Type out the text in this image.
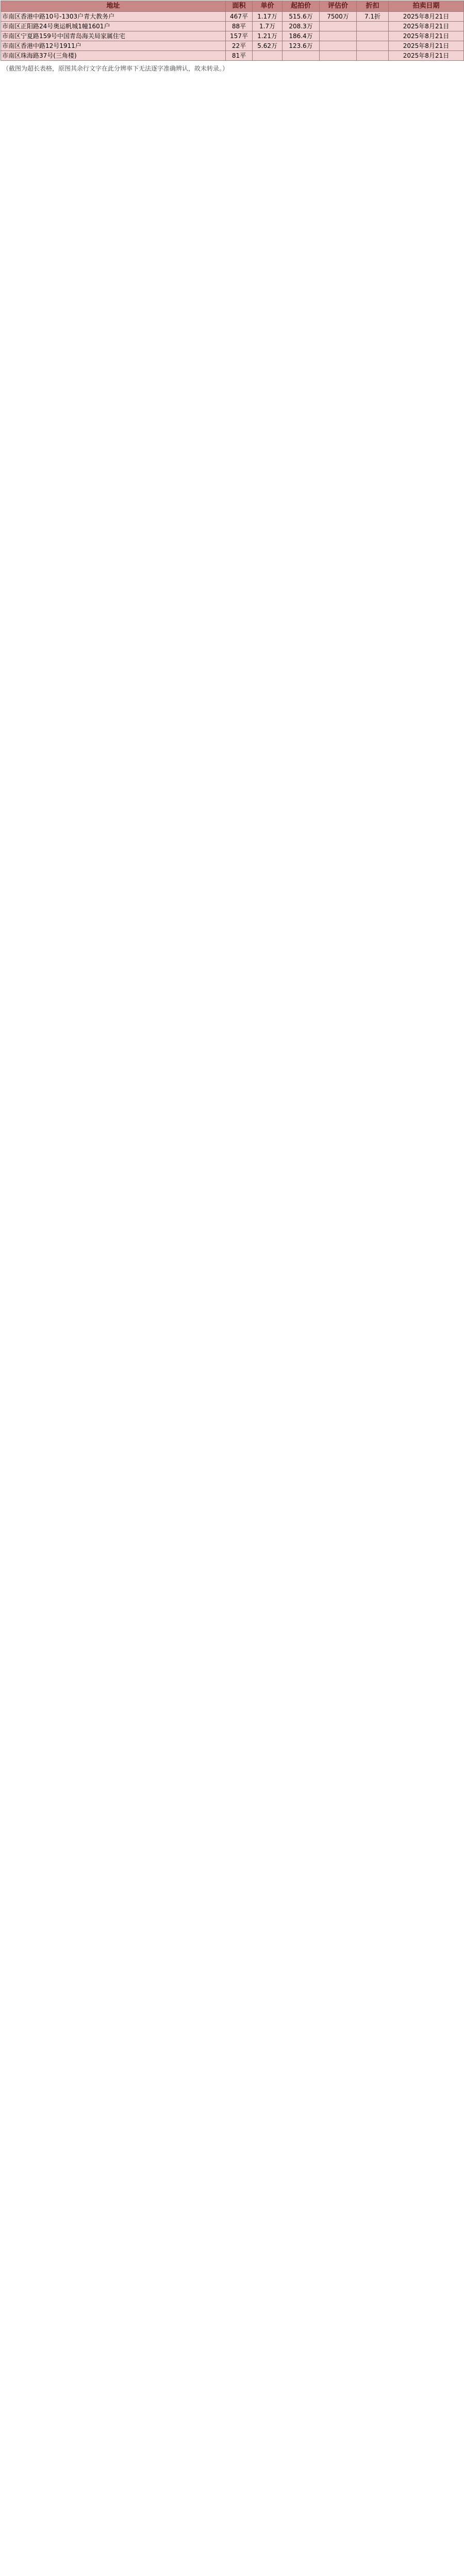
地址	面积	单价	起拍价	评估价	折扣	拍卖日期
市南区香港中路10号-1303户青大教务户	467平	1.17万	515.6万	7500万	7.1折	2025年8月21日
市南区正阳路24号奥运帆城1幢1601户	88平	1.7万	208.3万			2025年8月21日
市南区宁夏路159号中国青岛海关局家属住宅	157平	1.21万	186.4万			2025年8月21日
市南区香港中路12号1911户	22平	5.62万	123.6万			2025年8月21日
市南区珠海路37号(三角楼)	81平					2025年8月21日
（截图为超长表格，原图其余行文字在此分辨率下无法逐字准确辨认，故未转录。）
